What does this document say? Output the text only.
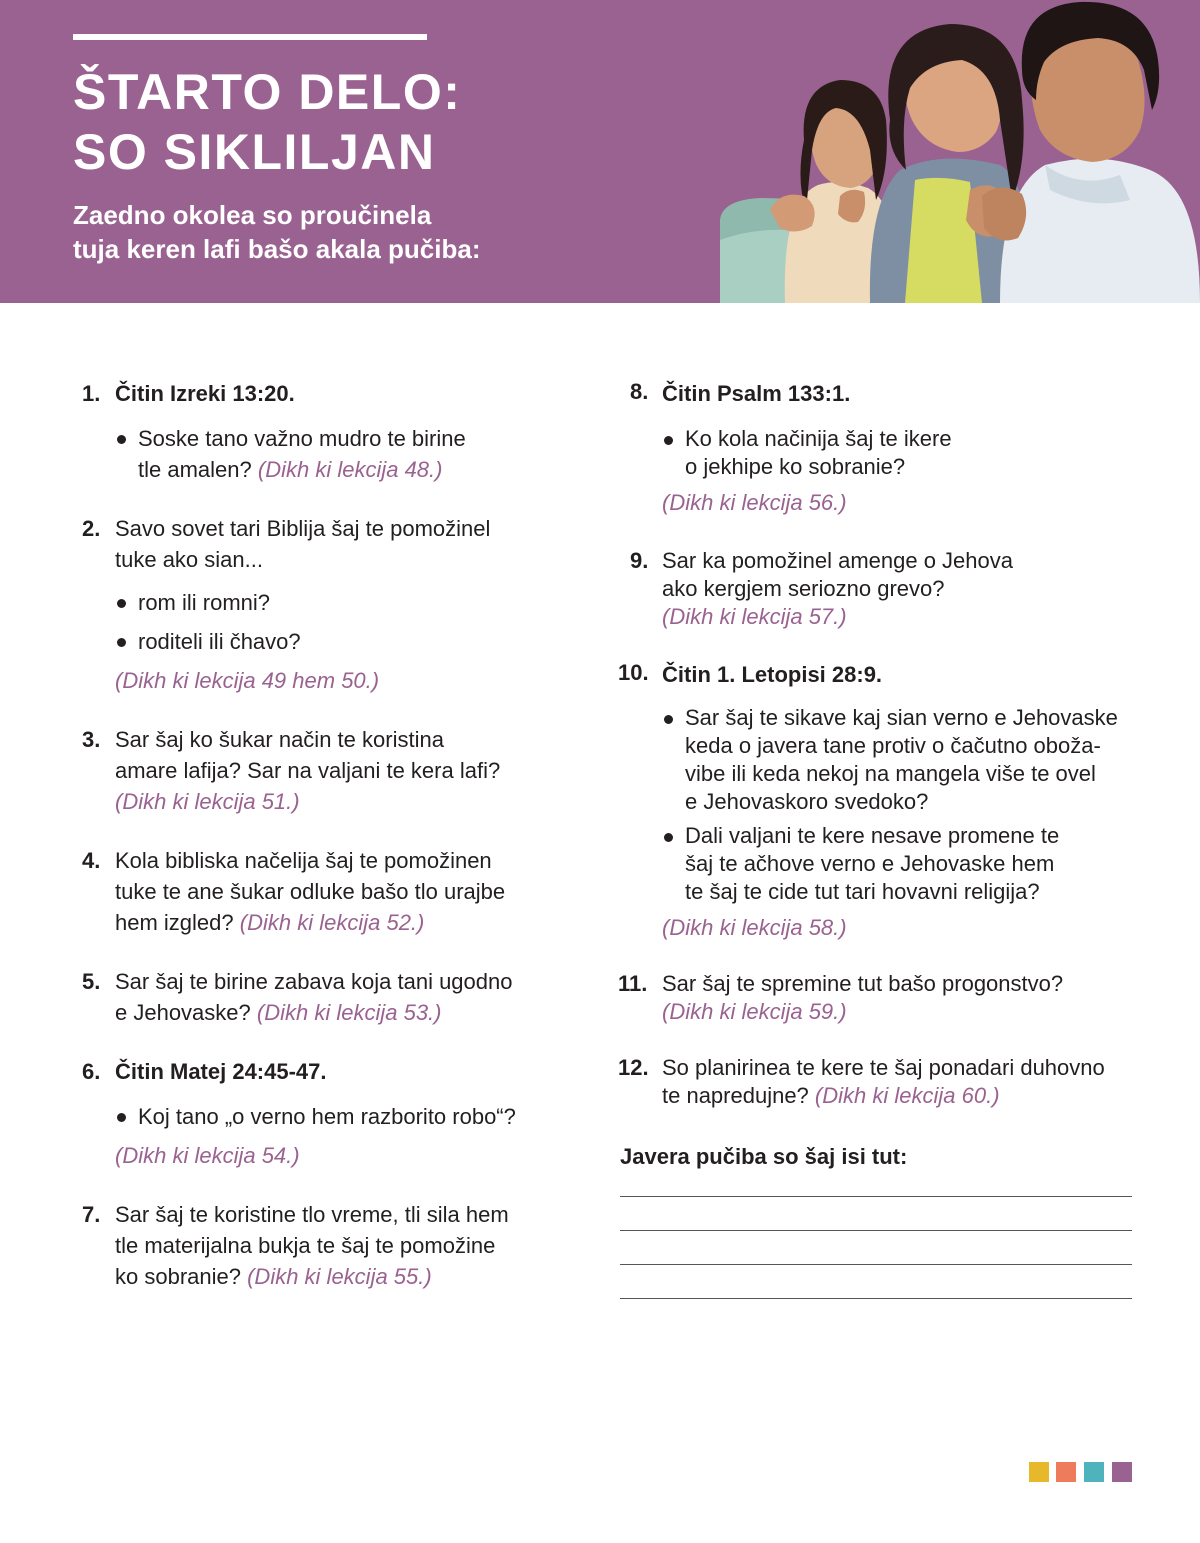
ŠTARTO DELO:
SO SIKLILJAN

Zaedno okolea so proučinela
tuja keren lafi bašo akala pučiba:

1. Čitin Izreki 13:20.
Soske tano važno mudro te birine
tle amalen? (Dikh ki lekcija 48.)
2. Savo sovet tari Biblija šaj te pomožinel
tuke ako sian...
rom ili romni?
roditeli ili čhavo?
(Dikh ki lekcija 49 hem 50.)
3. Sar šaj ko šukar način te koristina
amare lafija? Sar na valjani te kera lafi?
(Dikh ki lekcija 51.)
4. Kola bibliska načelija šaj te pomožinen
tuke te ane šukar odluke bašo tlo urajbe
hem izgled? (Dikh ki lekcija 52.)
5. Sar šaj te birine zabava koja tani ugodno
e Jehovaske? (Dikh ki lekcija 53.)
6. Čitin Matej 24:45-47.
Koj tano „o verno hem razborito robo“?
(Dikh ki lekcija 54.)
7. Sar šaj te koristine tlo vreme, tli sila hem
tle materijalna bukja te šaj te pomožine
ko sobranie? (Dikh ki lekcija 55.)
8. Čitin Psalm 133:1.
Ko kola načinija šaj te ikere
o jekhipe ko sobranie?
(Dikh ki lekcija 56.)
9. Sar ka pomožinel amenge o Jehova
ako kergjem seriozno grevo?
(Dikh ki lekcija 57.)
10. Čitin 1. Letopisi 28:9.
Sar šaj te sikave kaj sian verno e Jehovaske
keda o javera tane protiv o čačutno oboža-
vibe ili keda nekoj na mangela više te ovel
e Jehovaskoro svedoko?
Dali valjani te kere nesave promene te
šaj te ačhove verno e Jehovaske hem
te šaj te cide tut tari hovavni religija?
(Dikh ki lekcija 58.)
11. Sar šaj te spremine tut bašo progonstvo?
(Dikh ki lekcija 59.)
12. So planirinea te kere te šaj ponadari duhovno
te napredujne? (Dikh ki lekcija 60.)
Javera pučiba so šaj isi tut:
